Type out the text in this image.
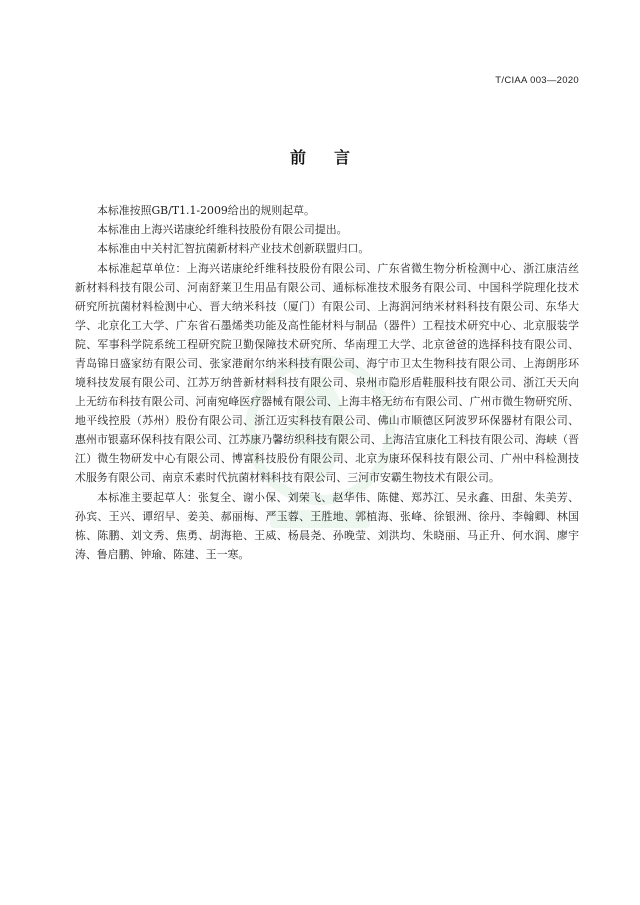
T/CIAA 003—2020
前　言
本标准按照GB/T1.1-2009给出的规则起草。
本标准由上海兴诺康纶纤维科技股份有限公司提出。
本标准由中关村汇智抗菌新材料产业技术创新联盟归口。
本标准起草单位：上海兴诺康纶纤维科技股份有限公司、广东省微生物分析检测中心、浙江康洁丝
新材料科技有限公司、河南舒莱卫生用品有限公司、通标标准技术服务有限公司、中国科学院理化技术
研究所抗菌材料检测中心、晋大纳米科技（厦门）有限公司、上海润河纳米材料科技有限公司、东华大
学、北京化工大学、广东省石墨烯类功能及高性能材料与制品（器件）工程技术研究中心、北京服装学
院、军事科学院系统工程研究院卫勤保障技术研究所、华南理工大学、北京爸爸的选择科技有限公司、
青岛锦日盛家纺有限公司、张家港耐尔纳米科技有限公司、海宁市卫太生物科技有限公司、上海朗彤环
境科技发展有限公司、江苏万纳普新材料科技有限公司、泉州市隐形盾鞋服科技有限公司、浙江天天向
上无纺布科技有限公司、河南宛峰医疗器械有限公司、上海丰格无纺布有限公司、广州市微生物研究所、
地平线控股（苏州）股份有限公司、浙江迈实科技有限公司、佛山市顺德区阿波罗环保器材有限公司、
惠州市银嘉环保科技有限公司、江苏康乃馨纺织科技有限公司、上海洁宜康化工科技有限公司、海峡（晋
江）微生物研发中心有限公司、博富科技股份有限公司、北京为康环保科技有限公司、广州中科检测技
术服务有限公司、南京禾素时代抗菌材料科技有限公司、三河市安霸生物技术有限公司。
本标准主要起草人：张复全、谢小保、刘荣飞、赵华伟、陈健、郑苏江、吴永鑫、田甜、朱美芳、
孙宾、王兴、谭绍早、姜美、郝丽梅、严玉蓉、王胜地、郭植海、张峰、徐银洲、徐丹、李翰卿、林国
栋、陈鹏、刘文秀、焦勇、胡海艳、王威、杨晨尧、孙晚莹、刘洪均、朱晓丽、马正升、何水润、廖宇
涛、鲁启鹏、钟瑜、陈建、王一寒。
